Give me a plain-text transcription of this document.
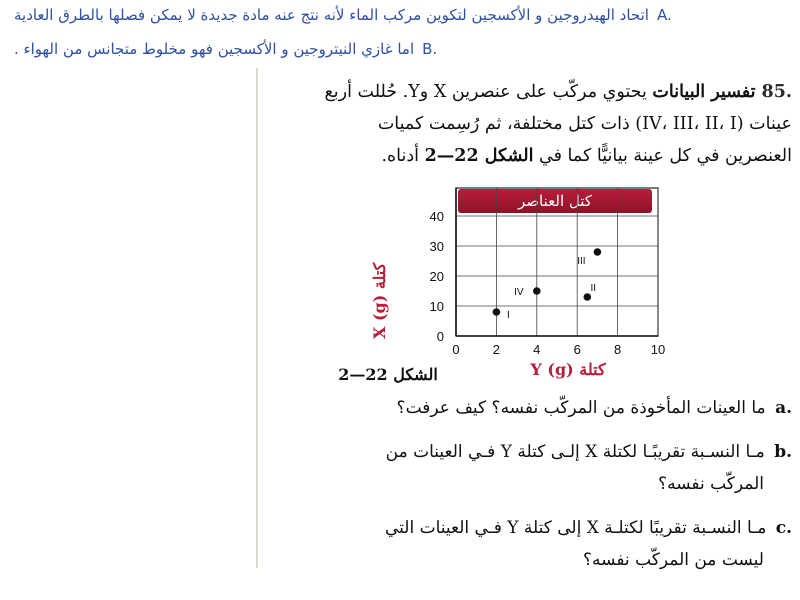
A.
اتحاد الهيدروجين و الأكسجين لتكوين مركب الماء لأنه نتج عنه مادة جديدة لا يمكن فصلها بالطرق العادية
B.
اما غازي النيتروجين و الأكسجين فهو مخلوط متجانس من الهواء .
85.تفسير البيانات يحتوي مركّب على عنصرين X وY. حُللت أربع
عينات (IV، III، II، I) ذات كتل مختلفة، ثم رُسِمت كميات
العنصرين في كل عينة بيانيًّا كما في الشكل 22—2 أدناه.
كتل العناصر
كتلة X (g)
0	2	4	6	8 10
0
10
20
30
40
I
IV	II
III
كتلة Y (g)
الشكل 22—2
a. ما العينات المأخوذة من المركّب نفسه؟ كيف عرفت؟
b. مـا النسـبة تقريبًـا لكتلة X إلـى كتلة Y فـي العينات من
المركّب نفسه؟
c. مـا النسـبة تقريبًا لكتلـة X إلى كتلة Y فـي العينات التي
ليست من المركّب نفسه؟
